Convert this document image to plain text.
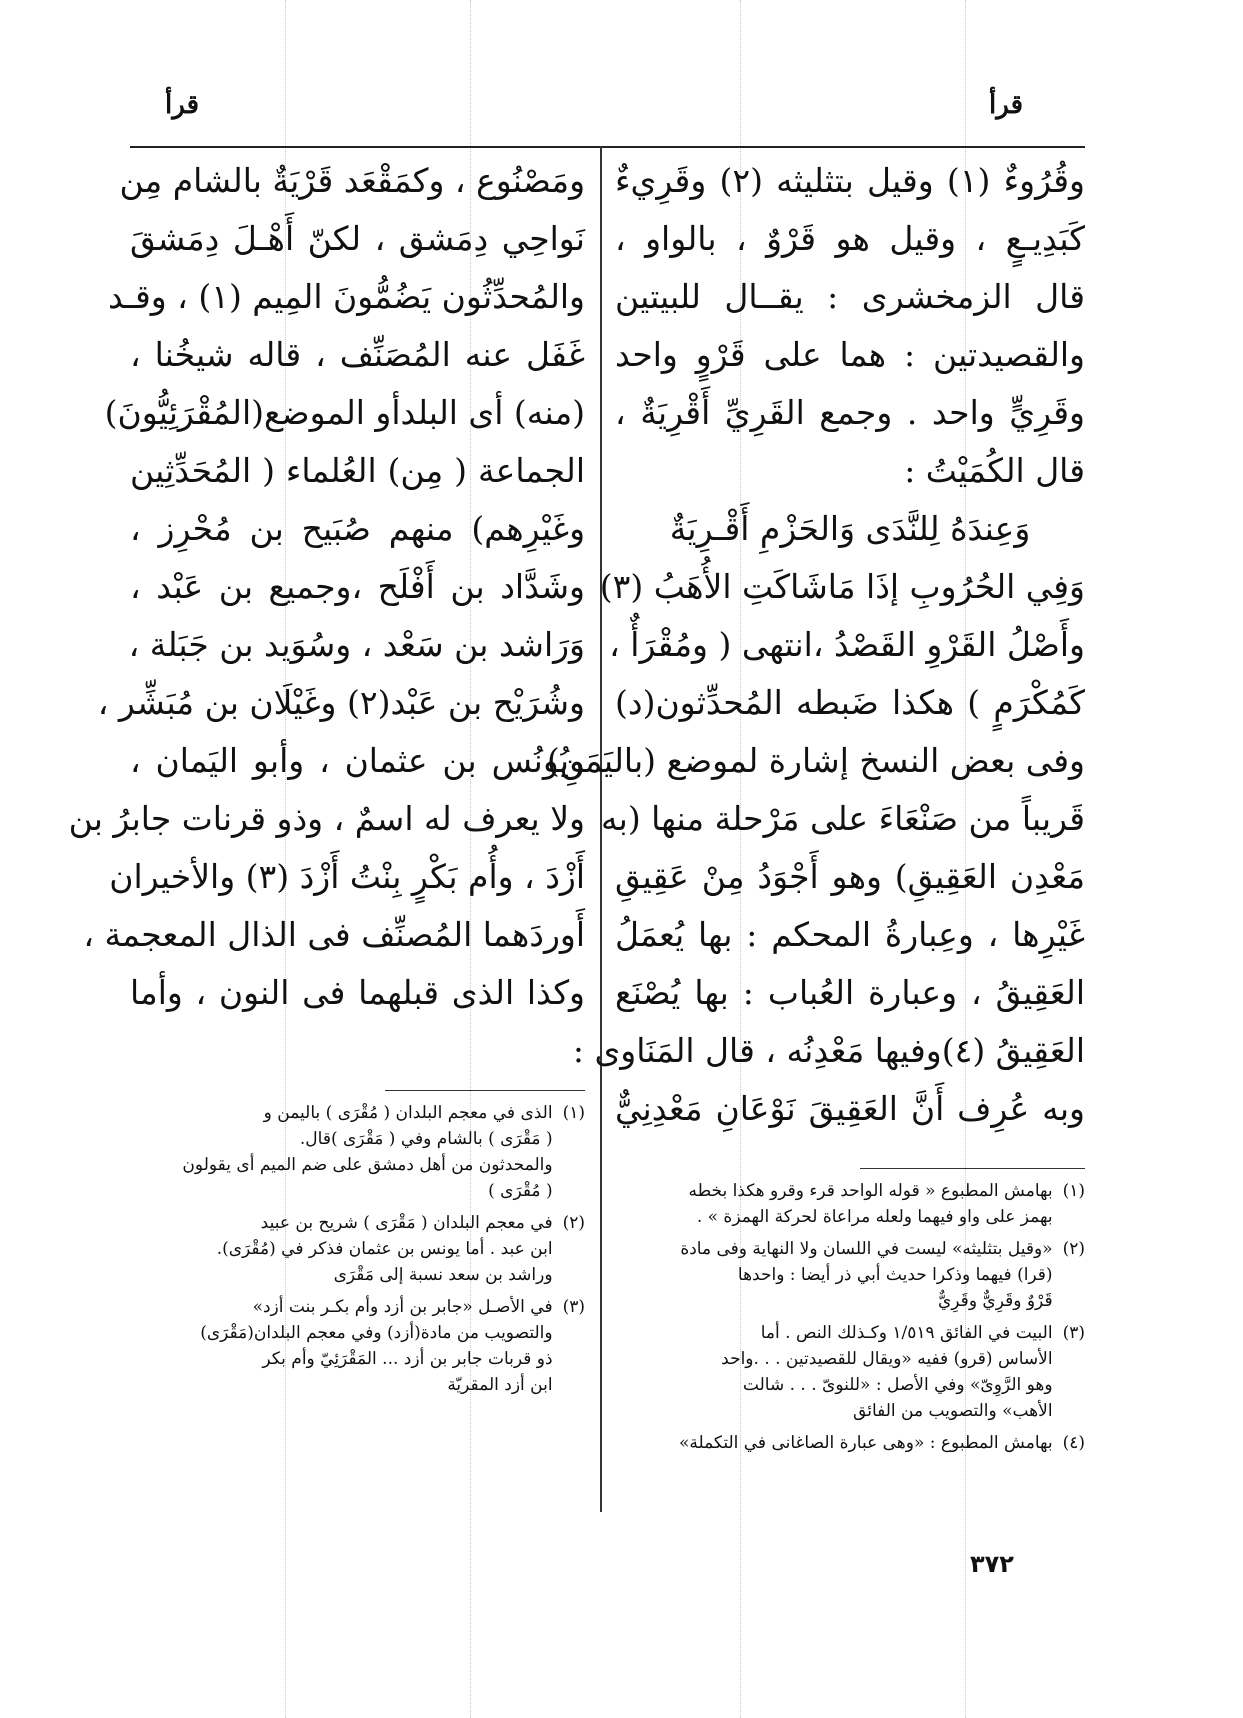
قرأ
قرأ
وقُرُوءٌ (١) وقيل بتثليثه (٢) وقَرِيءٌ
كَبَدِيـعٍ ، وقيل هو قَرْوٌ ، بالواو ،
قال الزمخشرى : يقــال للبيتين
والقصيدتين : هما على قَرْوٍ واحد
وقَرِيٍّ واحد . وجمع القَرِيِّ أَقْرِيَةٌ ،
قال الكُمَيْتُ :
وَعِندَهُ لِلنَّدَى وَالحَزْمِ أَقْـرِيَةٌ
وَفِي الحُرُوبِ إذَا مَاشَاكَتِ الأُهَبُ (٣)
وأَصْلُ القَرْوِ القَصْدُ ،انتهى ( ومُقْرَأٌ ،
كَمُكْرَمٍ ) هكذا ضَبطه المُحدِّثون(د)
وفى بعض النسخ إشارة لموضع (باليَمَنِ)
قَريباً من صَنْعَاءَ على مَرْحلة منها (به
مَعْدِن العَقِيقِ) وهو أَجْوَدُ مِنْ عَقِيقِ
غَيْرِها ، وعِبارةُ المحكم : بها يُعمَلُ
العَقِيقُ ، وعبارة العُباب : بها يُصْنَع
العَقِيقُ (٤)وفيها مَعْدِنُه ، قال المَنَاوى :
وبه عُرِف أَنَّ العَقِيقَ نَوْعَانِ مَعْدِنِيٌّ
ومَصْنُوع ، وكمَقْعَد قَرْيَةٌ بالشام مِن
نَواحِي دِمَشق ، لكنّ أَهْـلَ دِمَشقَ
والمُحدِّثُون يَضُمُّونَ المِيم (١) ، وقـد
غَفَل عنه المُصَنِّف ، قاله شيخُنا ،
(منه) أى البلدأو الموضع(المُقْرَئِيُّونَ)
الجماعة ( مِن) العُلماء ( المُحَدِّثِين
وغَيْرِهم) منهم صُبَيح بن مُحْرِز ،
وشَدَّاد بن أَفْلَح ،وجميع بن عَبْد ،
وَرَاشد بن سَعْد ، وسُوَيد بن جَبَلة ،
وشُرَيْح بن عَبْد(٢) وغَيْلَان بن مُبَشِّر ،
ويُونُس بن عثمان ، وأبو اليَمان ،
ولا يعرف له اسمٌ ، وذو قرنات جابرُ بن
أَزْدَ ، وأُم بَكْرٍ بِنْتُ أَزْدَ (٣) والأخيران
أَوردَهما المُصنِّف فى الذال المعجمة ،
وكذا الذى قبلهما فى النون ، وأما
(١)
بهامش المطبوع « قوله الواحد قرء وقرو هكذا بخطه
بهمز على واو فيهما ولعله مراعاة لحركة الهمزة » .
(٢)
«وقيل بتثليثه» ليست في اللسان ولا النهاية وفى مادة
(قرا) فيهما وذكرا حديث أبي ذر أيضا : واحدها
قَرْوٌ وقَرِيٌّ وقَرِيٌّ
(٣)
البيت في الفائق ١/٥١٩ وكـذلك النص . أما
الأساس (قرو) ففيه «ويقال للقصيدتين . . .واحد
وهو الرَّوِىّ» وفي الأصل : «للنوىّ . . . شالت
الأهب» والتصويب من الفائق
(٤)
بهامش المطبوع : «وهى عبارة الصاغانى في التكملة»
(١)
الذى في معجم البلدان ( مُقْرَى ) باليمن و
( مَقْرَى ) بالشام وفي ( مَقْرَى )قال.
والمحدثون من أهل دمشق على ضم الميم أى يقولون
( مُقْرَى )
(٢)
في معجم البلدان ( مَقْرَى ) شريح بن عبيد
ابن عبد . أما يونس بن عثمان فذكر في (مُقْرَى).
وراشد بن سعد نسبة إلى مَقْرَى
(٣)
في الأصـل «جابر بن أزد وأم بكـر بنت أزد»
والتصويب من مادة(أزد) وفي معجم البلدان(مَقْرَى)
ذو قربات جابر بن أزد ... المَقْرَئِيّ وأم بكر
ابن أزد المقريّة
٣٧٢
